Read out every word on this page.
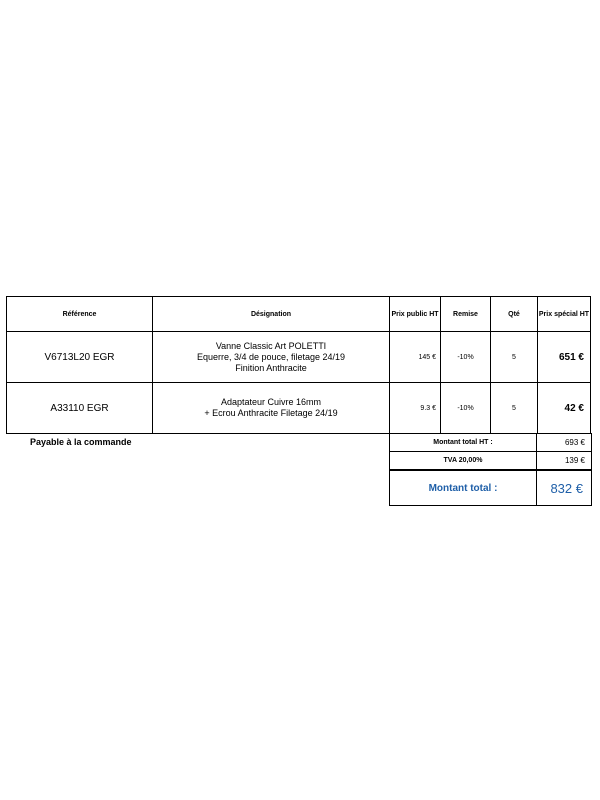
Référence	Désignation	Prix public HT	Remise	Qté	Prix spécial HT
V6713L20 EGR	Vanne Classic Art POLETTI
Equerre, 3/4 de pouce, filetage 24/19
Finition Anthracite	145 €	-10%	5	651 €
A33110 EGR	Adaptateur Cuivre 16mm
+ Ecrou Anthracite Filetage 24/19	9.3 €	-10%	5	42 €
Payable à la commande	Montant total HT :	693 €
TVA 20,00%	139 €
Montant total :	832 €
